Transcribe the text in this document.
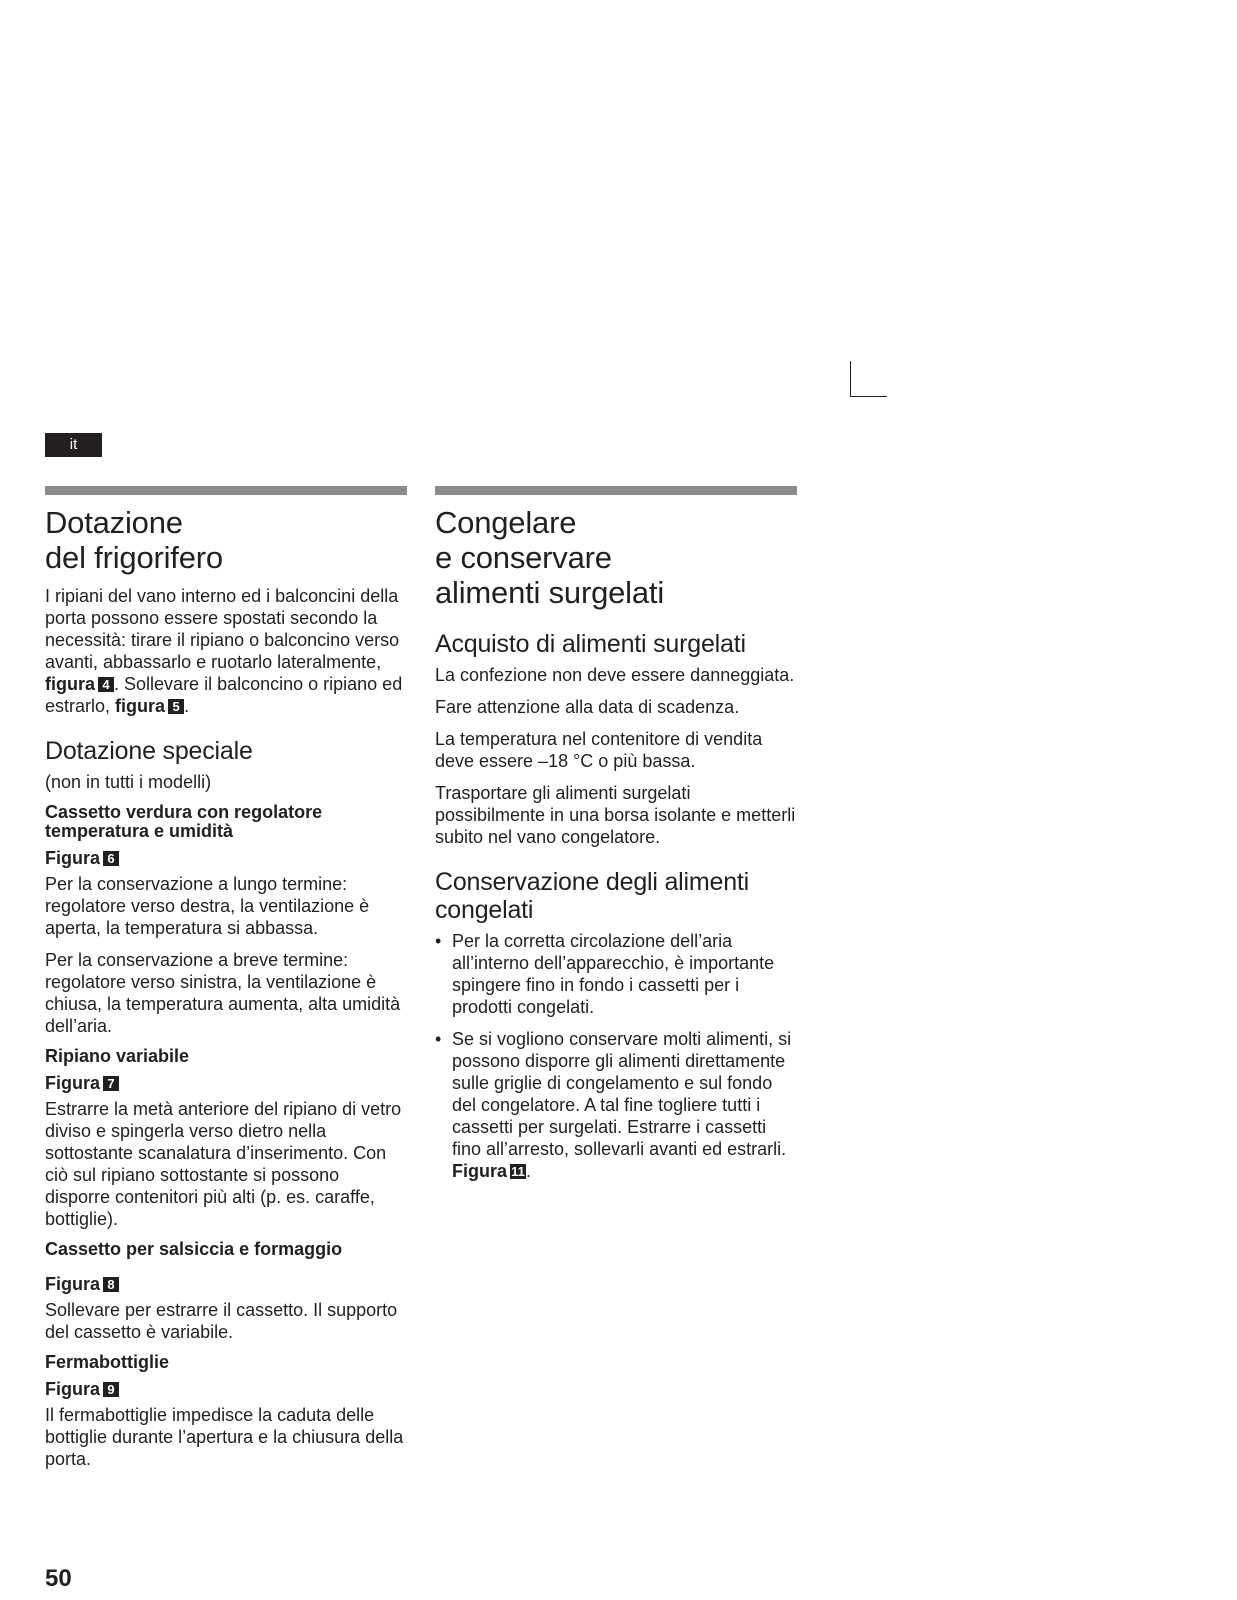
it
Dotazione
del frigorifero

I ripiani del vano interno ed i balconcini della porta possono essere spostati secondo la necessità: tirare il ripiano o balconcino verso avanti, abbassarlo e ruotarlo lateralmente, figura 4 . Sollevare il balconcino o ripiano ed estrarlo, figura 5 .

Dotazione speciale

(non in tutti i modelli)

Cassetto verdura con regolatore temperatura e umidità
Figura 6

Per la conservazione a lungo termine: regolatore verso destra, la ventilazione è aperta, la temperatura si abbassa.

Per la conservazione a breve termine: regolatore verso sinistra, la ventilazione è chiusa, la temperatura aumenta, alta umidità dell’aria.

Ripiano variabile
Figura 7

Estrarre la metà anteriore del ripiano di vetro diviso e spingerla verso dietro nella sottostante scanalatura d’inserimento. Con ciò sul ripiano sottostante si possono disporre contenitori più alti (p. es. caraffe, bottiglie).

Cassetto per salsiccia e formaggio
Figura 8

Sollevare per estrarre il cassetto. Il supporto del cassetto è variabile.

Fermabottiglie
Figura 9

Il fermabottiglie impedisce la caduta delle bottiglie durante l’apertura e la chiusura della porta.

Congelare
e conservare
alimenti surgelati
Acquisto di alimenti surgelati

La confezione non deve essere danneggiata.

Fare attenzione alla data di scadenza.

La temperatura nel contenitore di vendita deve essere –18 °C o più bassa.

Trasportare gli alimenti surgelati possibilmente in una borsa isolante e metterli subito nel vano congelatore.

Conservazione degli alimenti congelati
• Per la corretta circolazione dell’aria all’interno dell’apparecchio, è importante spingere fino in fondo i cassetti per i prodotti congelati.
• Se si vogliono conservare molti alimenti, si possono disporre gli alimenti direttamente sulle griglie di congelamento e sul fondo del congelatore. A tal fine togliere tutti i cassetti per surgelati. Estrarre i cassetti fino all’arresto, sollevarli avanti ed estrarli. Figura 11.
50
